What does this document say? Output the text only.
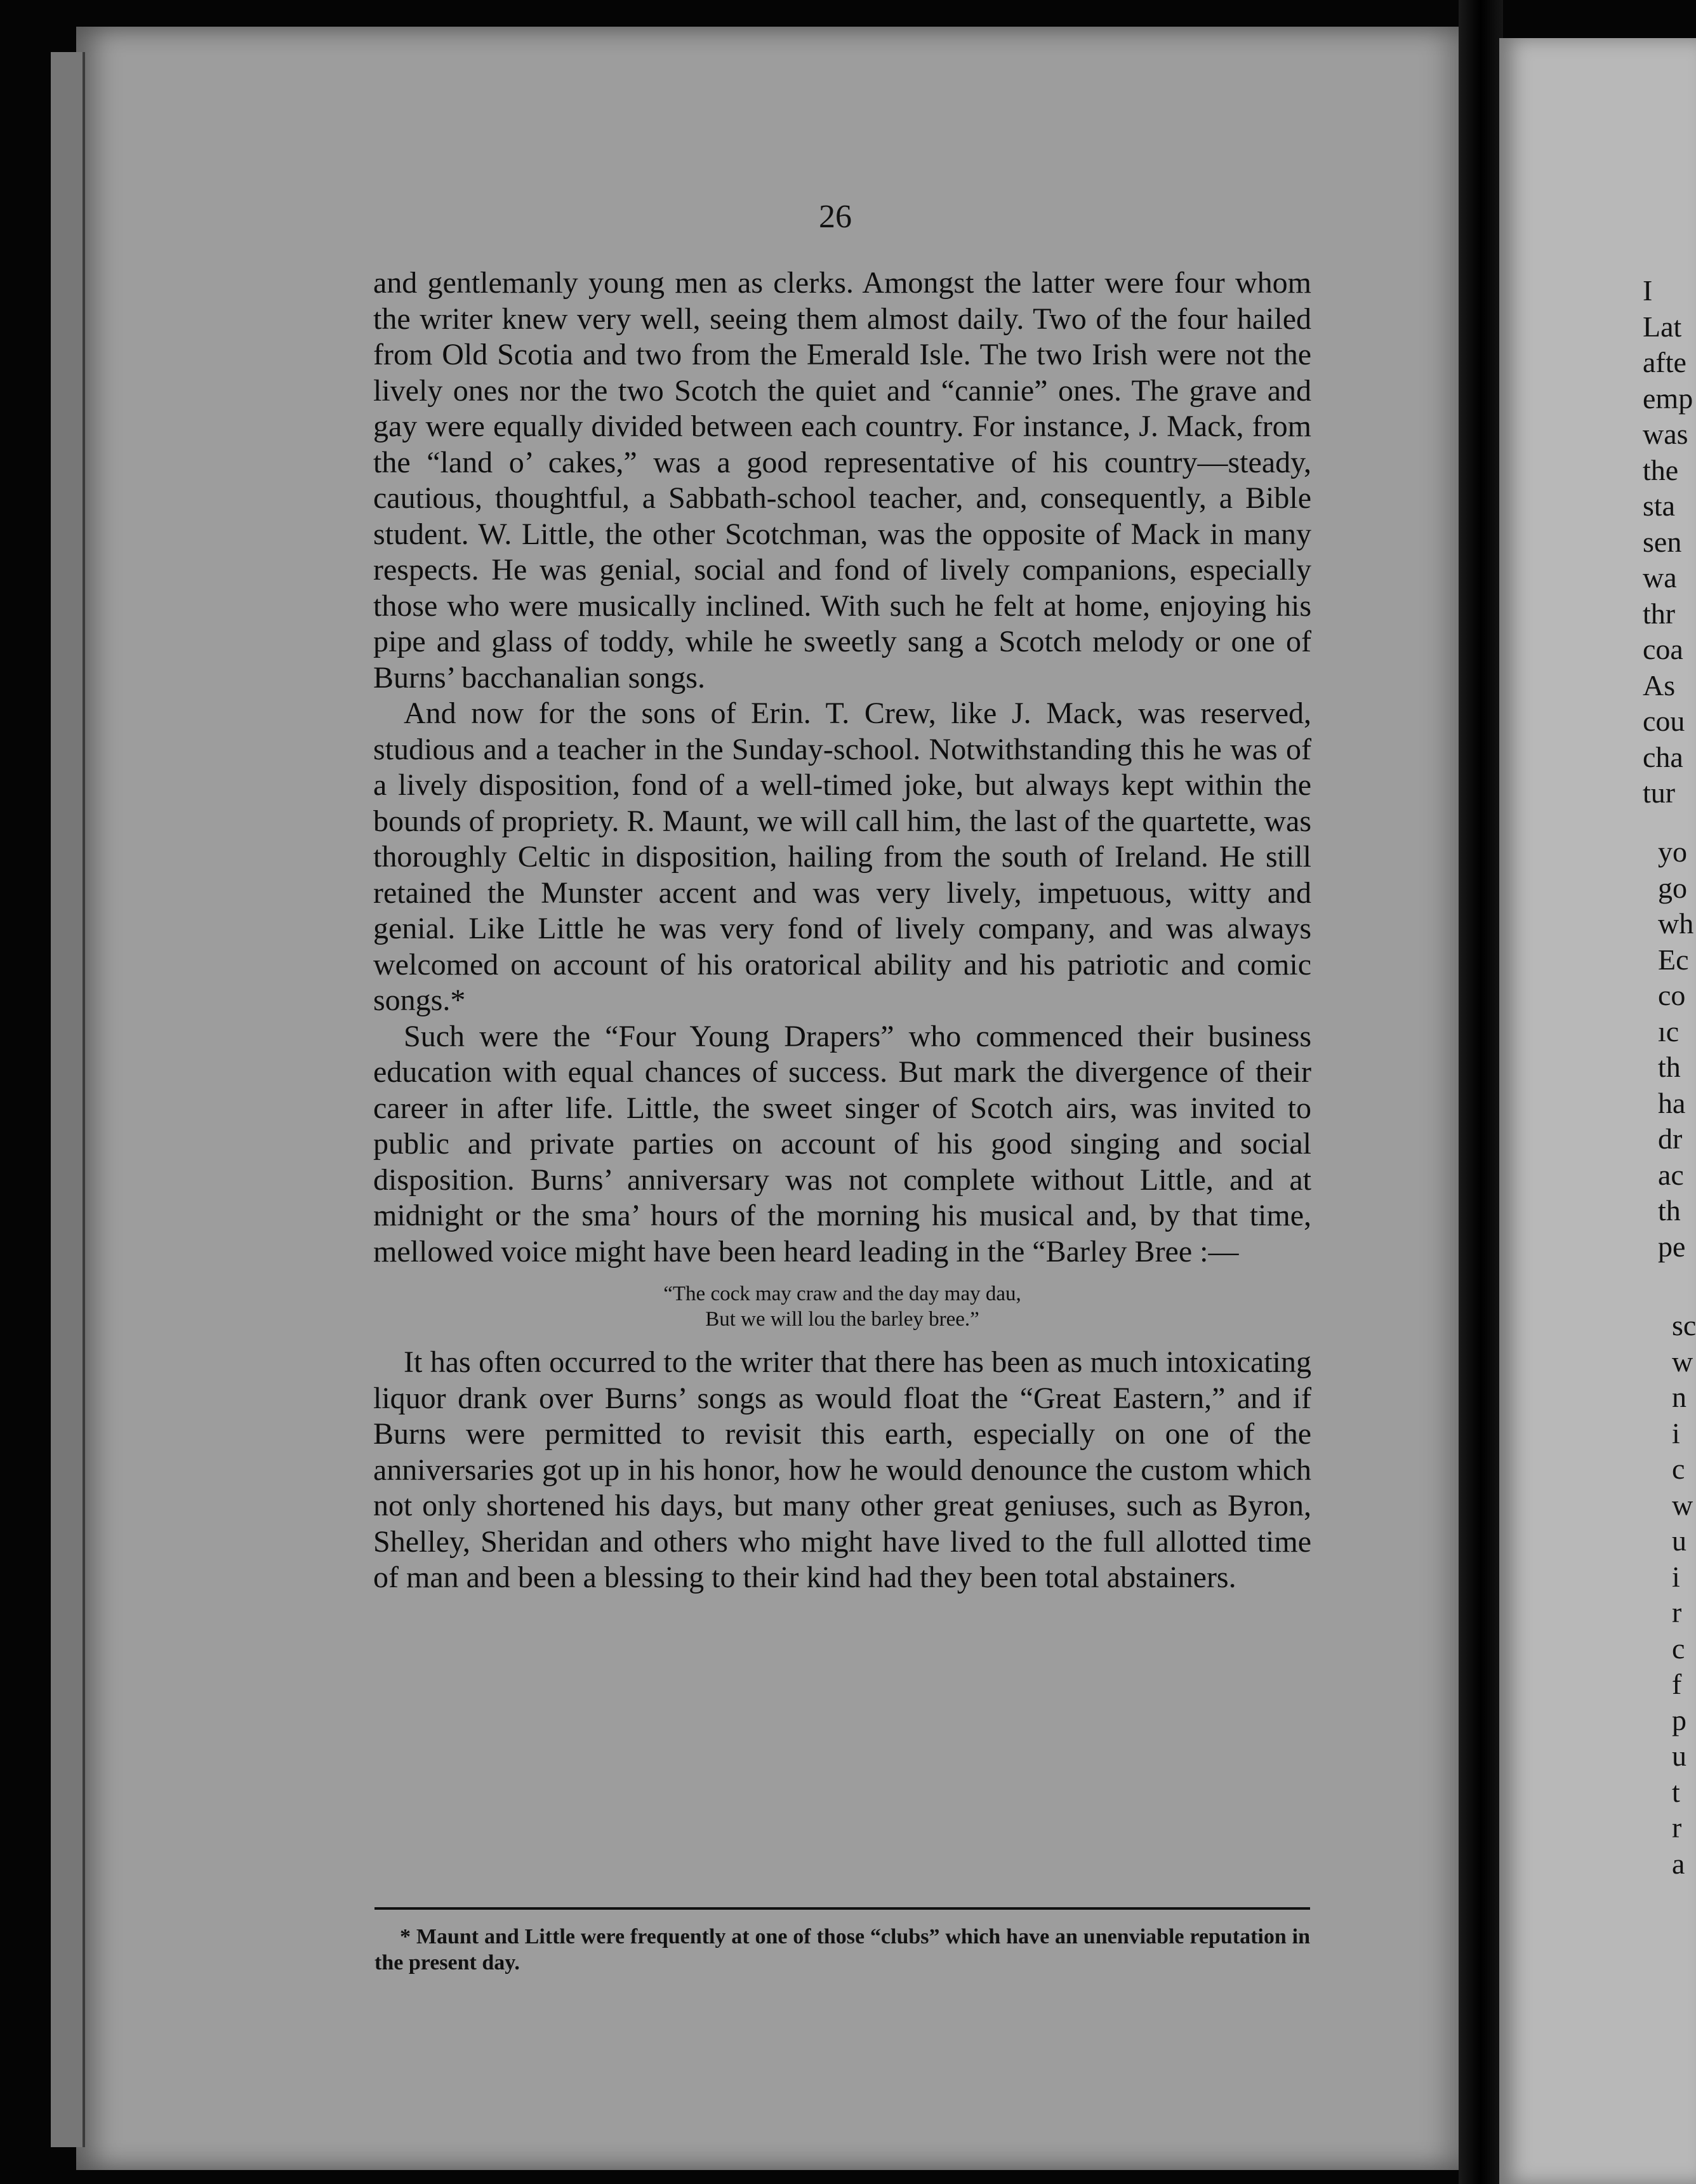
26

and gentlemanly young men as clerks. Amongst the latter were four whom the writer knew very well, seeing them almost daily. Two of the four hailed from Old Scotia and two from the Emerald Isle. The two Irish were not the lively ones nor the two Scotch the quiet and “cannie” ones. The grave and gay were equally divided between each country. For instance, J. Mack, from the “land o’ cakes,” was a good representative of his country—steady, cautious, thoughtful, a Sabbath-school teacher, and, consequently, a Bible student. W. Little, the other Scotchman, was the opposite of Mack in many respects. He was genial, social and fond of lively companions, especially those who were musically inclined. With such he felt at home, enjoying his pipe and glass of toddy, while he sweetly sang a Scotch melody or one of Burns’ bacchanalian songs.

And now for the sons of Erin. T. Crew, like J. Mack, was reserved, studious and a teacher in the Sunday-school. Notwithstanding this he was of a lively disposition, fond of a well-timed joke, but always kept within the bounds of propriety. R. Maunt, we will call him, the last of the quartette, was thoroughly Celtic in disposition, hailing from the south of Ireland. He still retained the Munster accent and was very lively, impetuous, witty and genial. Like Little he was very fond of lively company, and was always welcomed on account of his oratorical ability and his patriotic and comic songs.*

Such were the “Four Young Drapers” who commenced their business education with equal chances of success. But mark the divergence of their career in after life. Little, the sweet singer of Scotch airs, was invited to public and private parties on account of his good singing and social disposition. Burns’ anniversary was not complete without Little, and at midnight or the sma’ hours of the morning his musical and, by that time, mellowed voice might have been heard leading in the “Barley Bree :—

“The cock may craw and the day may dau,
But we will lou the barley bree.”

It has often occurred to the writer that there has been as much intoxicating liquor drank over Burns’ songs as would float the “Great Eastern,” and if Burns were permitted to revisit this earth, especially on one of the anniversaries got up in his honor, how he would denounce the custom which not only shortened his days, but many other great geniuses, such as Byron, Shelley, Sheridan and others who might have lived to the full allotted time of man and been a blessing to their kind had they been total abstainers.

* Maunt and Little were frequently at one of those “clubs” which have an unenviable reputation in the present day.
I
Lat
afte
emp
was
the
sta
sen
wa
thr
coa
As
cou
cha
tur
yo
go
wh
Ec
co
ıc
th
ha
dr
ac
th
pe
sc
w
n
i
c
w
u
i
r
c
f
p
u
t
r
a
